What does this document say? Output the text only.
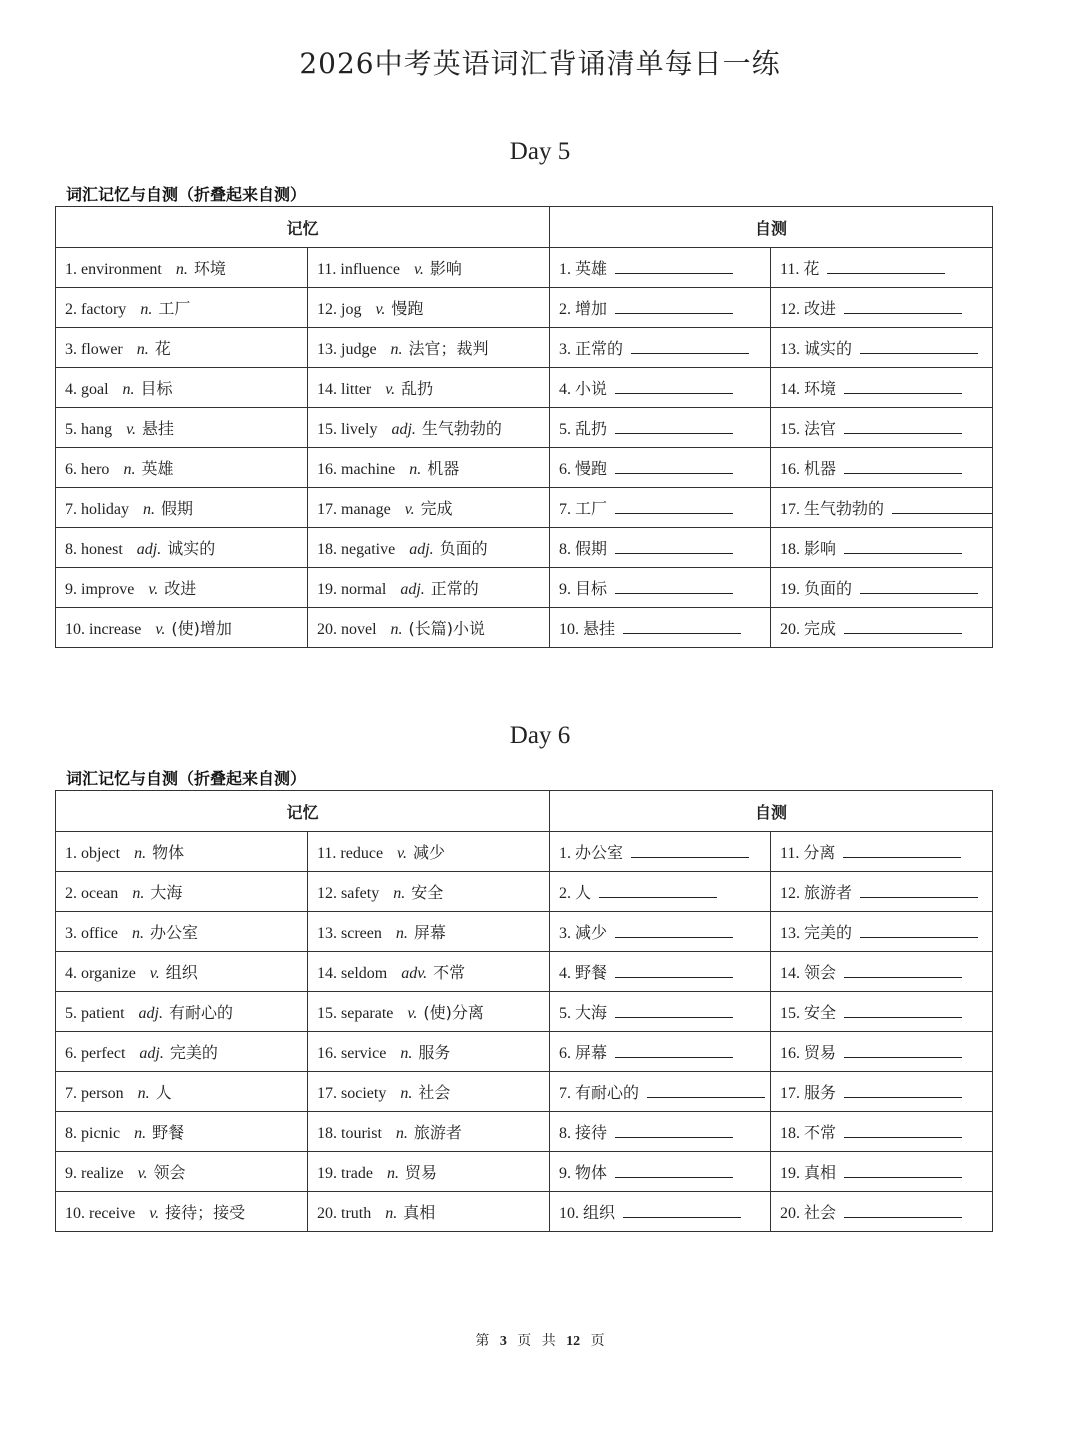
2026中考英语词汇背诵清单每日一练
Day 5
词汇记忆与自测（折叠起来自测）
记忆		自测	
1. environment n. 环境	11. influence v. 影响	1. 英雄	11. 花
2. factory n. 工厂	12. jog v. 慢跑	2. 增加	12. 改进
3. flower n. 花	13. judge n. 法官；裁判	3. 正常的	13. 诚实的
4. goal n. 目标	14. litter v. 乱扔	4. 小说	14. 环境
5. hang v. 悬挂	15. lively adj. 生气勃勃的	5. 乱扔	15. 法官
6. hero n. 英雄	16. machine n. 机器	6. 慢跑	16. 机器
7. holiday n. 假期	17. manage v. 完成	7. 工厂	17. 生气勃勃的
8. honest adj. 诚实的	18. negative adj. 负面的	8. 假期	18. 影响
9. improve v. 改进	19. normal adj. 正常的	9. 目标	19. 负面的
10. increase v. (使)增加	20. novel n. (长篇)小说	10. 悬挂	20. 完成
Day 6
词汇记忆与自测（折叠起来自测）
记忆		自测	
1. object n. 物体	11. reduce v. 减少	1. 办公室	11. 分离
2. ocean n. 大海	12. safety n. 安全	2. 人	12. 旅游者
3. office n. 办公室	13. screen n. 屏幕	3. 减少	13. 完美的
4. organize v. 组织	14. seldom adv. 不常	4. 野餐	14. 领会
5. patient adj. 有耐心的	15. separate v. (使)分离	5. 大海	15. 安全
6. perfect adj. 完美的	16. service n. 服务	6. 屏幕	16. 贸易
7. person n. 人	17. society n. 社会	7. 有耐心的	17. 服务
8. picnic n. 野餐	18. tourist n. 旅游者	8. 接待	18. 不常
9. realize v. 领会	19. trade n. 贸易	9. 物体	19. 真相
10. receive v. 接待；接受	20. truth n. 真相	10. 组织	20. 社会
第 3 页 共 12 页
